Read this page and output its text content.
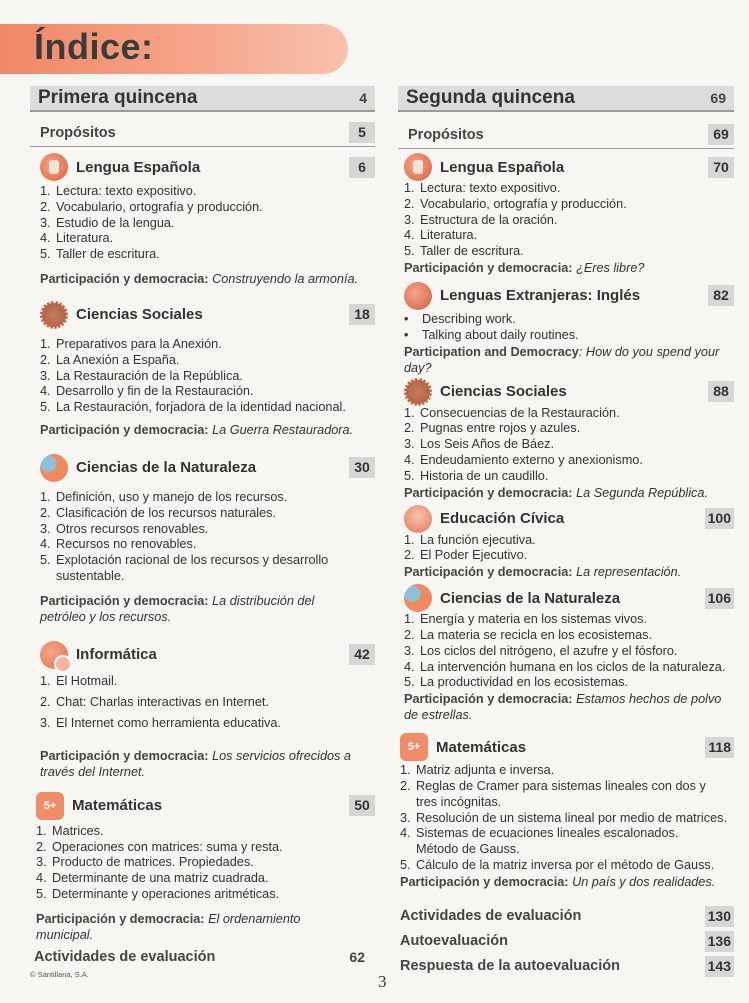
Índice:
Primera quincena	4
Propósitos	5
Lengua Española	6
1. Lectura: texto expositivo.
2. Vocabulario, ortografía y producción.
3. Estudio de la lengua.
4. Literatura.
5. Taller de escritura.

Participación y democracia: Construyendo la armonía.

Ciencias Sociales	18
1. Preparativos para la Anexión.
2. La Anexión a España.
3. La Restauración de la República.
4. Desarrollo y fin de la Restauración.
5. La Restauración, forjadora de la identidad nacional.

Participación y democracia: La Guerra Restauradora.

Ciencias de la Naturaleza	30
1. Definición, uso y manejo de los recursos.
2. Clasificación de los recursos naturales.
3. Otros recursos renovables.
4. Recursos no renovables.
5. Explotación racional de los recursos y desarrollo sustentable.

Participación y democracia: La distribución del petróleo y los recursos.

Informática	42
1. El Hotmail.
2. Chat: Charlas interactivas en Internet.
3. El Internet como herramienta educativa.

Participación y democracia: Los servicios ofrecidos a través del Internet.

5+	Matemáticas	50
1. Matrices.
2. Operaciones con matrices: suma y resta.
3. Producto de matrices. Propiedades.
4. Determinante de una matriz cuadrada.
5. Determinante y operaciones aritméticas.

Participación y democracia: El ordenamiento municipal.

Actividades de evaluación	62
Segunda quincena	69
Propósitos	69
Lengua Española	70
1. Lectura: texto expositivo.
2. Vocabulario, ortografía y producción.
3. Estructura de la oración.
4. Literatura.
5. Taller de escritura.

Participación y democracia: ¿Eres libre?

Lenguas Extranjeras: Inglés	82
•	Describing work.
•	Talking about daily routines.

Participation and Democracy: How do you spend your day?

Ciencias Sociales	88
1. Consecuencias de la Restauración.
2. Pugnas entre rojos y azules.
3. Los Seis Años de Báez.
4. Endeudamiento externo y anexionismo.
5. Historia de un caudillo.

Participación y democracia: La Segunda República.

Educación Cívica	100
1. La función ejecutiva.
2. El Poder Ejecutivo.

Participación y democracia: La representación.

Ciencias de la Naturaleza	106
1. Energía y materia en los sistemas vivos.
2. La materia se recicla en los ecosistemas.
3. Los ciclos del nitrógeno, el azufre y el fósforo.
4. La intervención humana en los ciclos de la naturaleza.
5. La productividad en los ecosistemas.

Participación y democracia: Estamos hechos de polvo de estrellas.

5+	Matemáticas	118
1. Matriz adjunta e inversa.
2. Reglas de Cramer para sistemas lineales con dos y tres incógnitas.
3. Resolución de un sistema lineal por medio de matrices.
4. Sistemas de ecuaciones lineales escalonados. Método de Gauss.
5. Cálculo de la matriz inversa por el método de Gauss.

Participación y democracia: Un país y dos realidades.

Actividades de evaluación	130
Autoevaluación	136
Respuesta de la autoevaluación	143
© Santillana, S.A.	3
